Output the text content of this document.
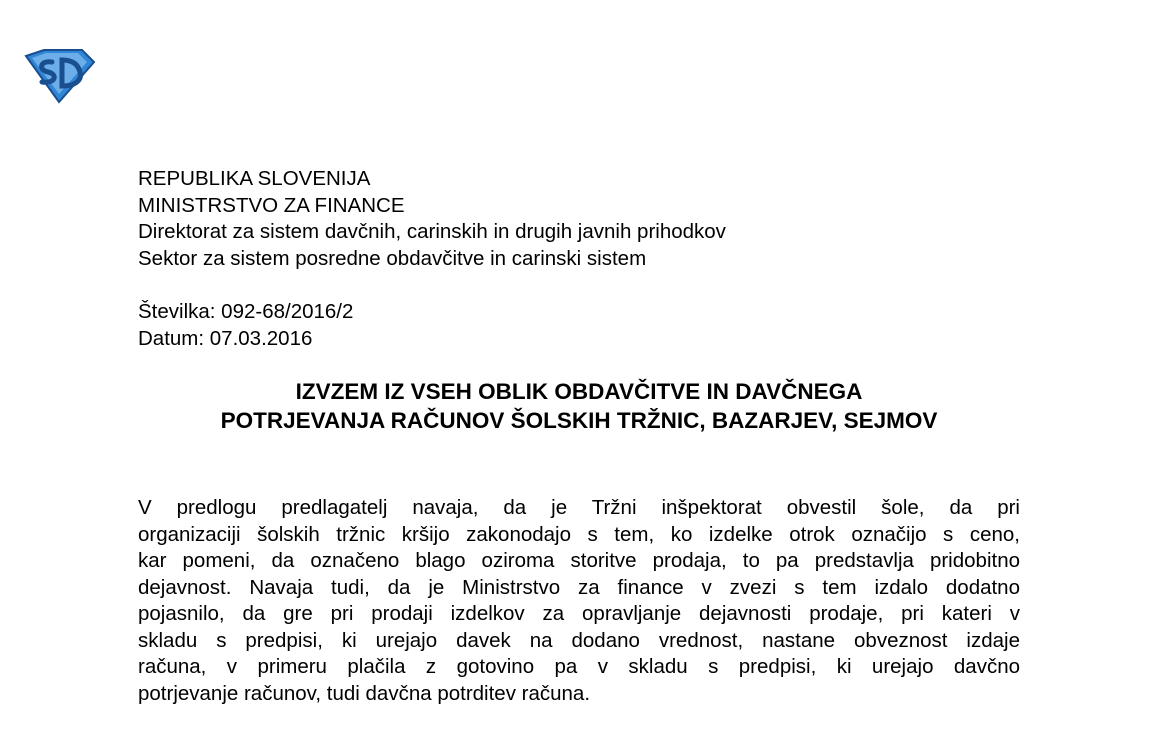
REPUBLIKA SLOVENIJA
MINISTRSTVO ZA FINANCE
Direktorat za sistem davčnih, carinskih in drugih javnih prihodkov
Sektor za sistem posredne obdavčitve in carinski sistem
Številka: 092-68/2016/2
Datum: 07.03.2016
IZVZEM IZ VSEH OBLIK OBDAVČITVE IN DAVČNEGA
POTRJEVANJA RAČUNOV ŠOLSKIH TRŽNIC, BAZARJEV, SEJMOV
V predlogu predlagatelj navaja, da je Tržni inšpektorat obvestil šole, da pri
organizaciji šolskih tržnic kršijo zakonodajo s tem, ko izdelke otrok označijo s ceno,
kar pomeni, da označeno blago oziroma storitve prodaja, to pa predstavlja pridobitno
dejavnost. Navaja tudi, da je Ministrstvo za finance v zvezi s tem izdalo dodatno
pojasnilo, da gre pri prodaji izdelkov za opravljanje dejavnosti prodaje, pri kateri v
skladu s predpisi, ki urejajo davek na dodano vrednost, nastane obveznost izdaje
računa, v primeru plačila z gotovino pa v skladu s predpisi, ki urejajo davčno
potrjevanje računov, tudi davčna potrditev računa.
